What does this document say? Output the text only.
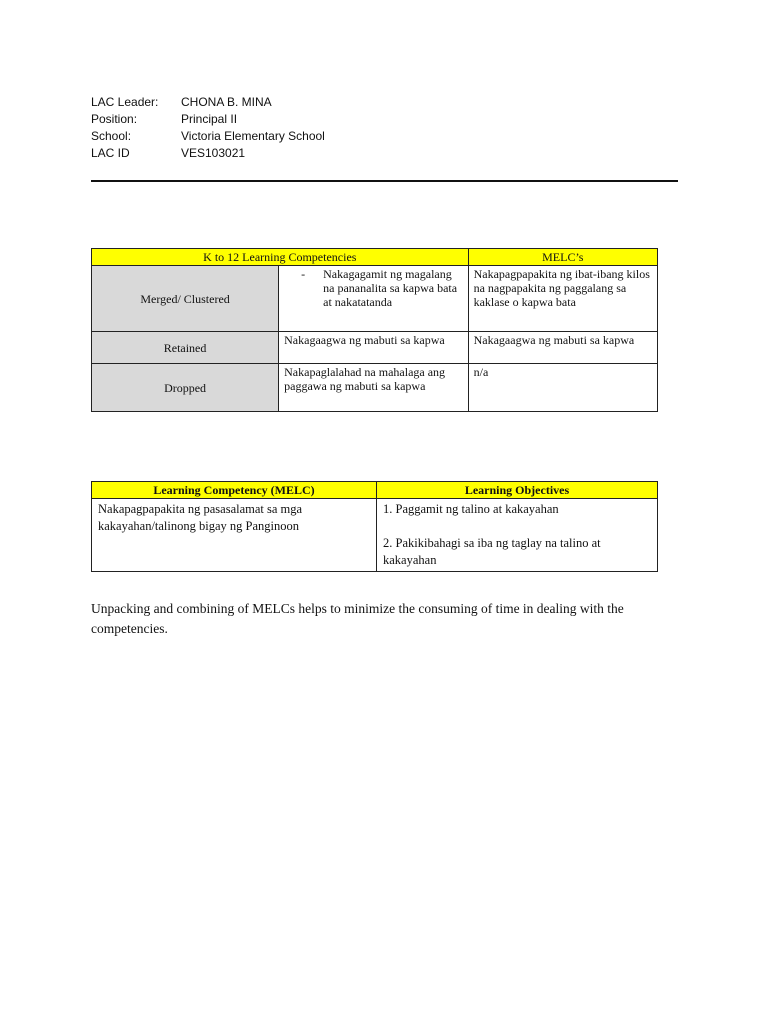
LAC Leader:	CHONA B. MINA
Position:	Principal II
School:	Victoria Elementary School
LAC ID	VES103021
K to 12 Learning Competencies		MELC’s
Merged/ Clustered	- Nakagagamit ng magalang na pananalita sa kapwa bata at nakatatanda	Nakapagpapakita ng ibat-ibang kilos na nagpapakita ng paggalang sa kaklase o kapwa bata
Retained	Nakagaagwa ng mabuti sa kapwa	Nakagaagwa ng mabuti sa kapwa
Dropped	Nakapaglalahad na mahalaga ang paggawa ng mabuti sa kapwa	n/a
Learning Competency (MELC)	Learning Objectives
Nakapagpapakita ng pasasalamat sa mga kakayahan/talinong bigay ng Panginoon	1. Paggamit ng talino at kakayahan
2. Pakikibahagi sa iba ng taglay na talino at kakayahan
Unpacking and combining of MELCs helps to minimize the consuming of time in dealing with the competencies.
